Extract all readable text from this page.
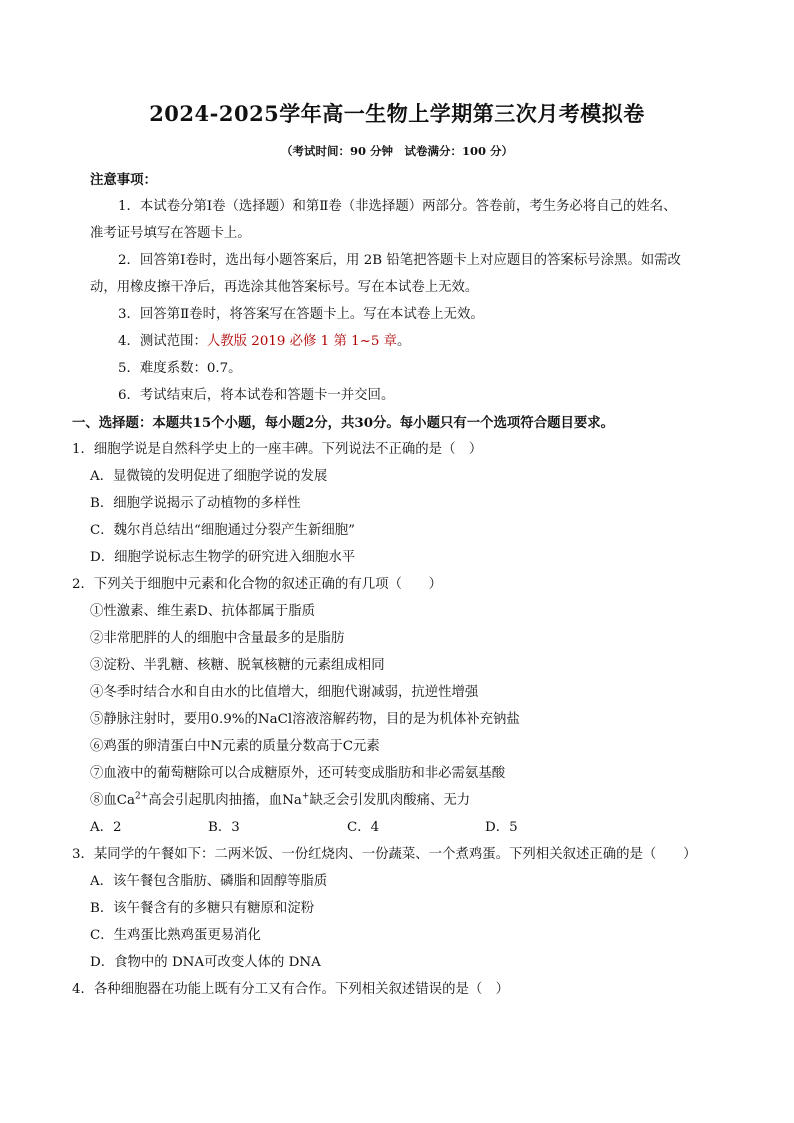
2024-2025学年高一生物上学期第三次月考模拟卷
（考试时间：90 分钟　试卷满分：100 分）
注意事项：
1．本试卷分第Ⅰ卷（选择题）和第Ⅱ卷（非选择题）两部分。答卷前，考生务必将自己的姓名、
准考证号填写在答题卡上。
2．回答第Ⅰ卷时，选出每小题答案后，用 2B 铅笔把答题卡上对应题目的答案标号涂黑。如需改
动，用橡皮擦干净后，再选涂其他答案标号。写在本试卷上无效。
3．回答第Ⅱ卷时，将答案写在答题卡上。写在本试卷上无效。
4．测试范围：人教版 2019 必修 1 第 1~5 章。
5．难度系数：0.7。
6．考试结束后，将本试卷和答题卡一并交回。
一、选择题：本题共15个小题，每小题2分，共30分。每小题只有一个选项符合题目要求。
1．细胞学说是自然科学史上的一座丰碑。下列说法不正确的是（　）
A．显微镜的发明促进了细胞学说的发展
B．细胞学说揭示了动植物的多样性
C．魏尔肖总结出“细胞通过分裂产生新细胞”
D．细胞学说标志生物学的研究进入细胞水平
2．下列关于细胞中元素和化合物的叙述正确的有几项（　　）
①性激素、维生素D、抗体都属于脂质
②非常肥胖的人的细胞中含量最多的是脂肪
③淀粉、半乳糖、核糖、脱氧核糖的元素组成相同
④冬季时结合水和自由水的比值增大，细胞代谢减弱，抗逆性增强
⑤静脉注射时，要用0.9%的NaCl溶液溶解药物，目的是为机体补充钠盐
⑥鸡蛋的卵清蛋白中N元素的质量分数高于C元素
⑦血液中的葡萄糖除可以合成糖原外，还可转变成脂肪和非必需氨基酸
⑧血$Ca^{2+}$高会引起肌肉抽搐，血Na+缺乏会引发肌肉酸痛、无力
A．2	B．3	C．4	D．5
3．某同学的午餐如下：二两米饭、一份红烧肉、一份蔬菜、一个煮鸡蛋。下列相关叙述正确的是（　　）
A．该午餐包含脂肪、磷脂和固醇等脂质
B．该午餐含有的多糖只有糖原和淀粉
C．生鸡蛋比熟鸡蛋更易消化
D．食物中的 DNA可改变人体的 DNA
4．各种细胞器在功能上既有分工又有合作。下列相关叙述错误的是（　）
